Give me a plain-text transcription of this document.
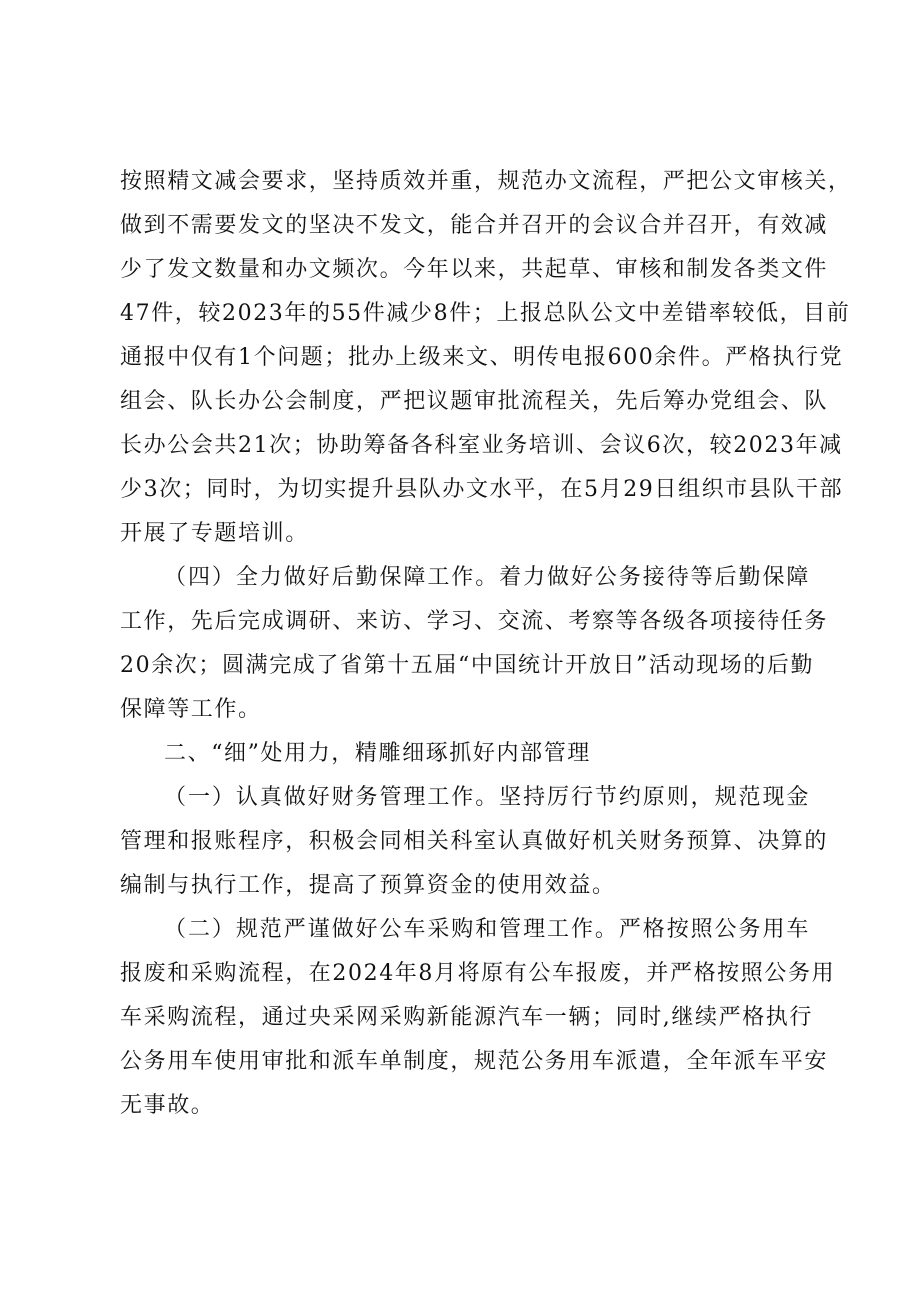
按照精文减会要求，坚持质效并重，规范办文流程，严把公文审核关，
做到不需要发文的坚决不发文，能合并召开的会议合并召开，有效减
少了发文数量和办文频次。今年以来，共起草、审核和制发各类文件
47件，较2023年的55件减少8件；上报总队公文中差错率较低，目前
通报中仅有1个问题；批办上级来文、明传电报600余件。严格执行党
组会、队长办公会制度，严把议题审批流程关，先后筹办党组会、队
长办公会共21次；协助筹备各科室业务培训、会议6次，较2023年减
少3次；同时，为切实提升县队办文水平，在5月29日组织市县队干部
开展了专题培训。

（四）全力做好后勤保障工作。着力做好公务接待等后勤保障
工作，先后完成调研、来访、学习、交流、考察等各级各项接待任务
20余次；圆满完成了省第十五届“中国统计开放日”活动现场的后勤
保障等工作。

二、“细”处用力，精雕细琢抓好内部管理

（一）认真做好财务管理工作。坚持厉行节约原则，规范现金
管理和报账程序，积极会同相关科室认真做好机关财务预算、决算的
编制与执行工作，提高了预算资金的使用效益。

（二）规范严谨做好公车采购和管理工作。严格按照公务用车
报废和采购流程，在2024年8月将原有公车报废，并严格按照公务用
车采购流程，通过央采网采购新能源汽车一辆；同时,继续严格执行
公务用车使用审批和派车单制度，规范公务用车派遣，全年派车平安
无事故。
